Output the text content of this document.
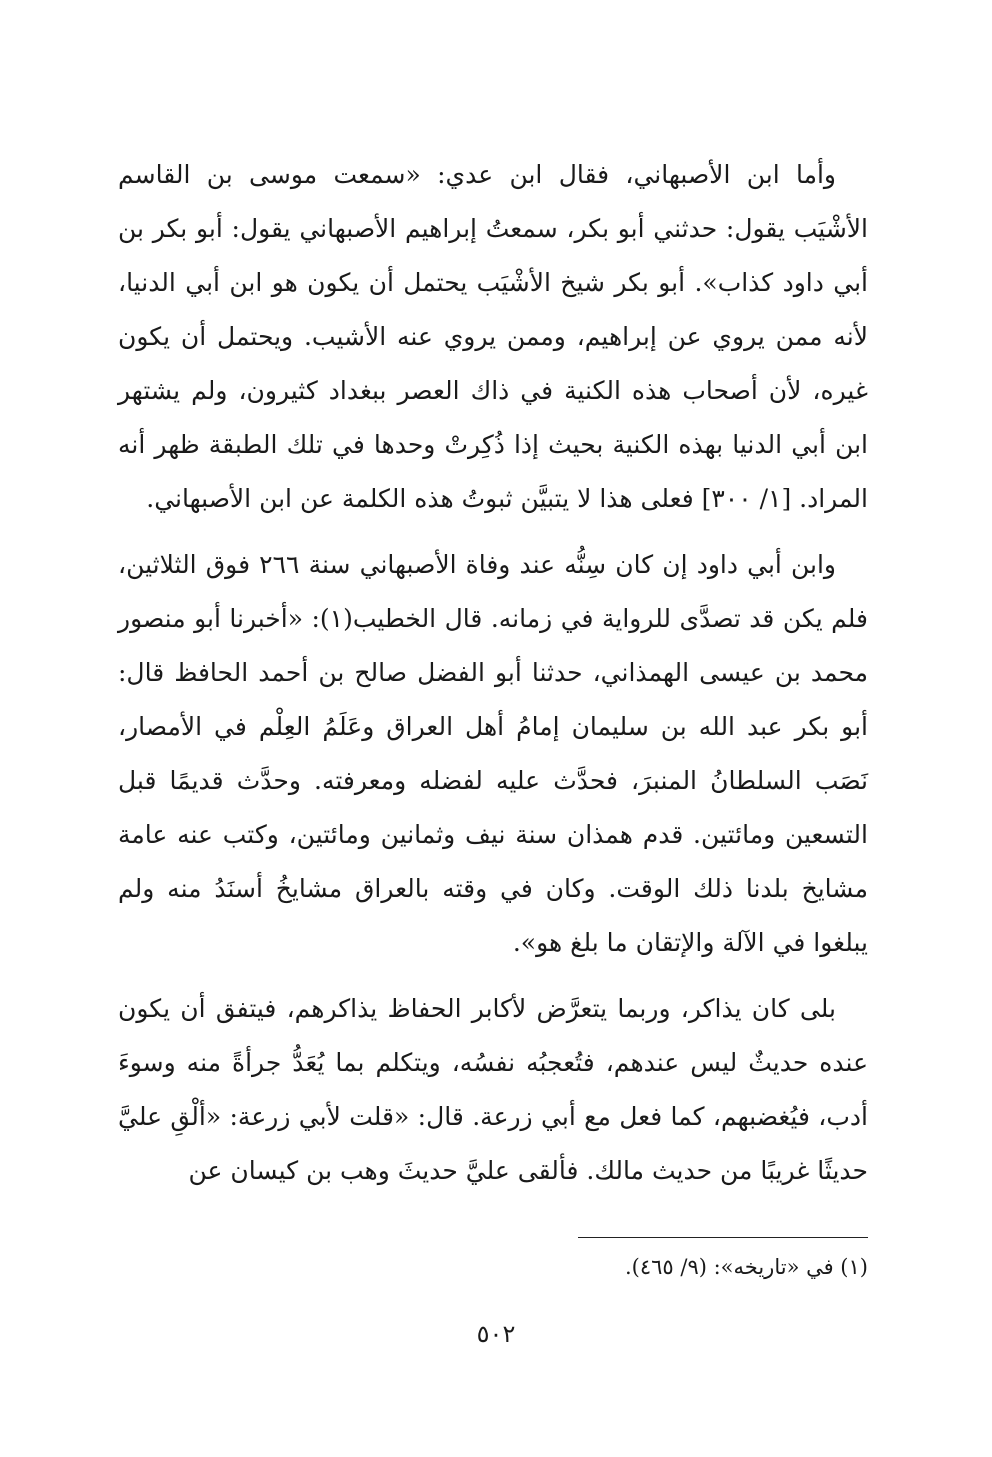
وأما ابن الأصبهاني، فقال ابن عدي: «سمعت موسى بن القاسم الأشْيَب يقول: حدثني أبو بكر، سمعتُ إبراهيم الأصبهاني يقول: أبو بكر بن أبي داود كذاب». أبو بكر شيخ الأشْيَب يحتمل أن يكون هو ابن أبي الدنيا، لأنه ممن يروي عن إبراهيم، وممن يروي عنه الأشيب. ويحتمل أن يكون غيره، لأن أصحاب هذه الكنية في ذاك العصر ببغداد كثيرون، ولم يشتهر ابن أبي الدنيا بهذه الكنية بحيث إذا ذُكِرتْ وحدها في تلك الطبقة ظهر أنه المراد. [١/ ٣٠٠] فعلى هذا لا يتبيَّن ثبوتُ هذه الكلمة عن ابن الأصبهاني.

وابن أبي داود إن كان سِنُّه عند وفاة الأصبهاني سنة ٢٦٦ فوق الثلاثين، فلم يكن قد تصدَّى للرواية في زمانه. قال الخطيب(١): «أخبرنا أبو منصور محمد بن عيسى الهمذاني، حدثنا أبو الفضل صالح بن أحمد الحافظ قال: أبو بكر عبد الله بن سليمان إمامُ أهل العراق وعَلَمُ العِلْم في الأمصار، نَصَب السلطانُ المنبرَ، فحدَّث عليه لفضله ومعرفته. وحدَّث قديمًا قبل التسعين ومائتين. قدم همذان سنة نيف وثمانين ومائتين، وكتب عنه عامة مشايخ بلدنا ذلك الوقت. وكان في وقته بالعراق مشايخُ أسنَدُ منه ولم يبلغوا في الآلة والإتقان ما بلغ هو».

بلى كان يذاكر، وربما يتعرَّض لأكابر الحفاظ يذاكرهم، فيتفق أن يكون عنده حديثٌ ليس عندهم، فتُعجبُه نفسُه، ويتكلم بما يُعَدُّ جرأةً منه وسوءَ أدب، فيُغضبهم، كما فعل مع أبي زرعة. قال: «قلت لأبي زرعة: «ألْقِ عليَّ حديثًا غريبًا من حديث مالك. فألقى عليَّ حديثَ وهب بن كيسان عن

(١) في «تاريخه»: (٩/ ٤٦٥).
٥٠٢
